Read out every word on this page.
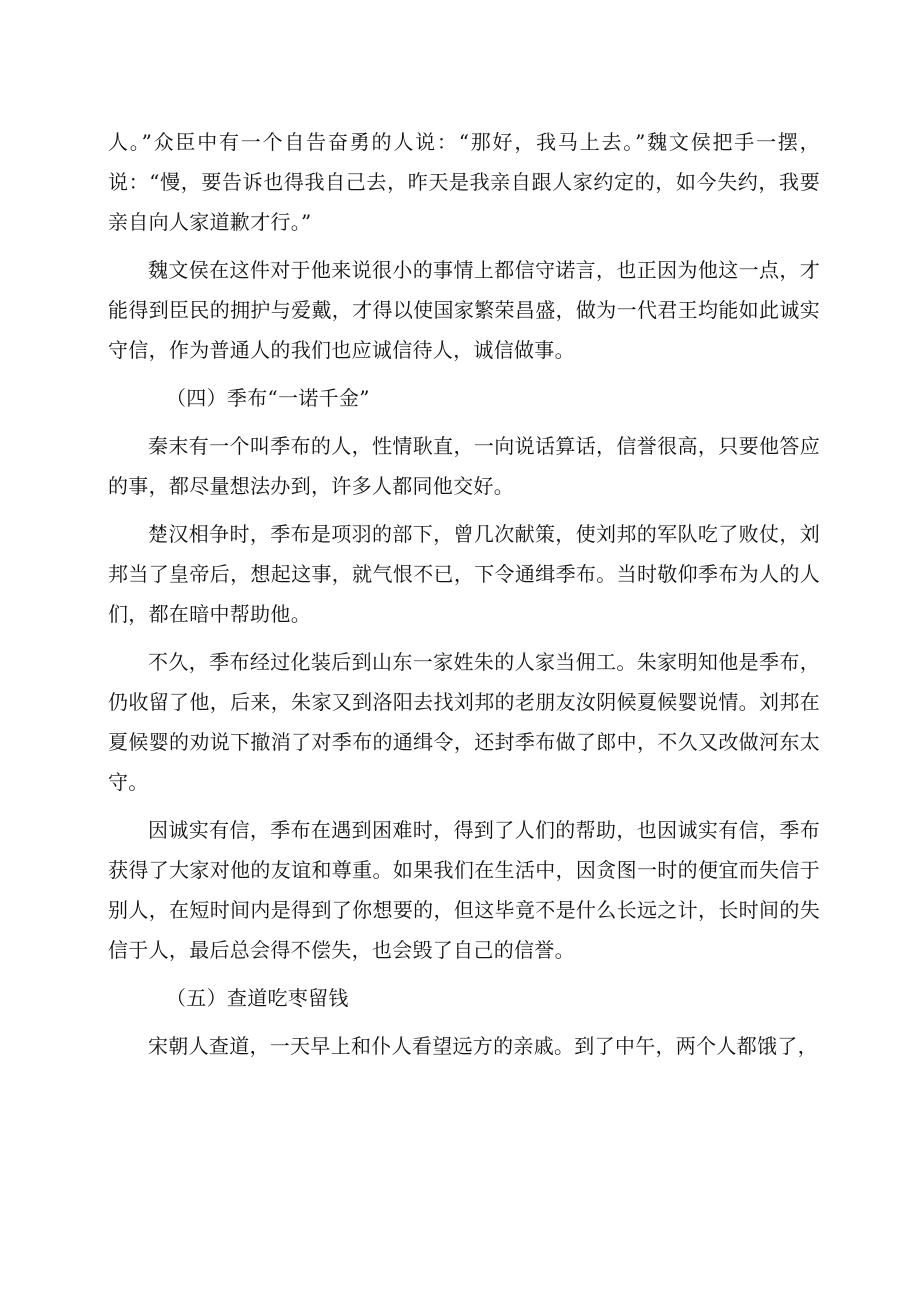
人。”众臣中有一个自告奋勇的人说：“那好，我马上去。”魏文侯把手一摆，说：“慢，要告诉也得我自己去，昨天是我亲自跟人家约定的，如今失约，我要亲自向人家道歉才行。”

魏文侯在这件对于他来说很小的事情上都信守诺言，也正因为他这一点，才能得到臣民的拥护与爱戴，才得以使国家繁荣昌盛，做为一代君王均能如此诚实守信，作为普通人的我们也应诚信待人，诚信做事。

（四）季布“一诺千金”

秦末有一个叫季布的人，性情耿直，一向说话算话，信誉很高，只要他答应的事，都尽量想法办到，许多人都同他交好。

楚汉相争时，季布是项羽的部下，曾几次献策，使刘邦的军队吃了败仗，刘邦当了皇帝后，想起这事，就气恨不已，下令通缉季布。当时敬仰季布为人的人们，都在暗中帮助他。

不久，季布经过化装后到山东一家姓朱的人家当佣工。朱家明知他是季布，仍收留了他，后来，朱家又到洛阳去找刘邦的老朋友汝阴候夏候婴说情。刘邦在夏候婴的劝说下撤消了对季布的通缉令，还封季布做了郎中，不久又改做河东太守。

因诚实有信，季布在遇到困难时，得到了人们的帮助，也因诚实有信，季布获得了大家对他的友谊和尊重。如果我们在生活中，因贪图一时的便宜而失信于别人，在短时间内是得到了你想要的，但这毕竟不是什么长远之计，长时间的失信于人，最后总会得不偿失，也会毁了自己的信誉。

（五）查道吃枣留钱

宋朝人查道，一天早上和仆人看望远方的亲戚。到了中午，两个人都饿了，
